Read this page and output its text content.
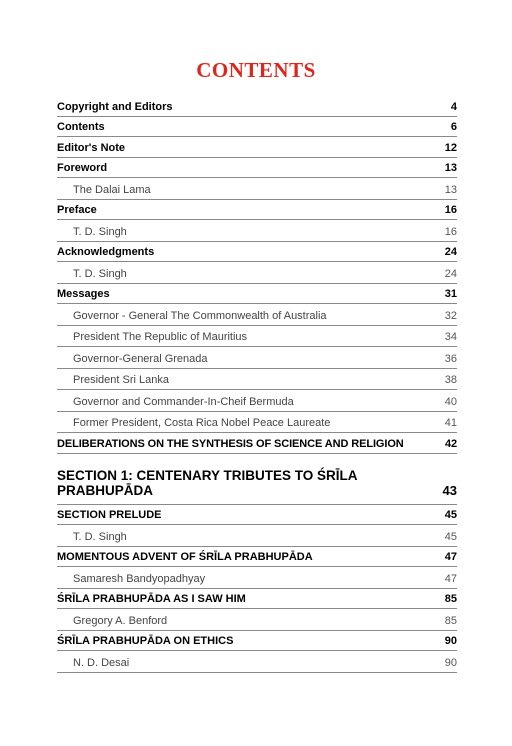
CONTENTS
Copyright and Editors	4
Contents	6
Editor's Note	12
Foreword	13
The Dalai Lama	13
Preface	16
T. D. Singh	16
Acknowledgments	24
T. D. Singh	24
Messages	31
Governor - General The Commonwealth of Australia	32
President The Republic of Mauritius	34
Governor-General Grenada	36
President Sri Lanka	38
Governor and Commander-In-Cheif Bermuda	40
Former President, Costa Rica Nobel Peace Laureate	41
DELIBERATIONS ON THE SYNTHESIS OF SCIENCE AND RELIGION	42
SECTION 1: CENTENARY TRIBUTES TO ŚRĪLA
PRABHUPĀDA	43
SECTION PRELUDE	45
T. D. Singh	45
MOMENTOUS ADVENT OF ŚRĪLA PRABHUPĀDA	47
Samaresh Bandyopadhyay	47
ŚRĪLA PRABHUPĀDA AS I SAW HIM	85
Gregory A. Benford	85
ŚRĪLA PRABHUPĀDA ON ETHICS	90
N. D. Desai	90
